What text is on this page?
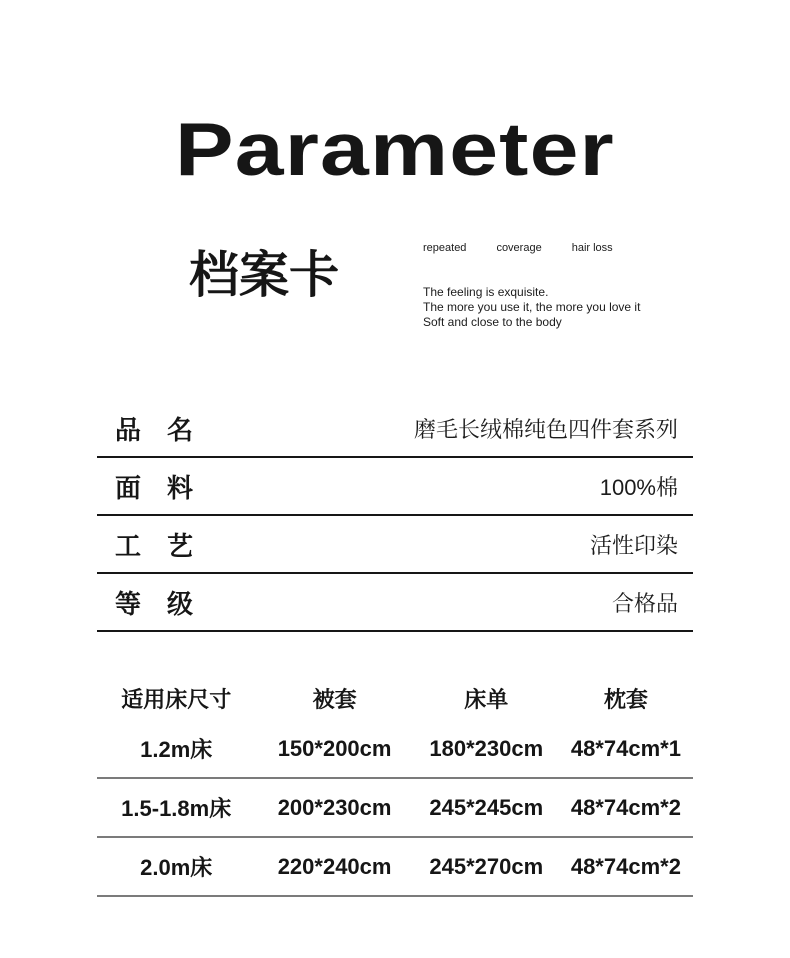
Parameter
档案卡	repeated	coverage	hair loss
The feeling is exquisite.
The more you use it, the more you love it
Soft and close to the body
品　名	磨毛长绒棉纯色四件套系列
面　料	100%棉
工　艺	活性印染
等　级	合格品
适用床尺寸	被套	床单	枕套
1.2m床	150*200cm	180*230cm	48*74cm*1
1.5-1.8m床	200*230cm	245*245cm	48*74cm*2
2.0m床	220*240cm	245*270cm	48*74cm*2
